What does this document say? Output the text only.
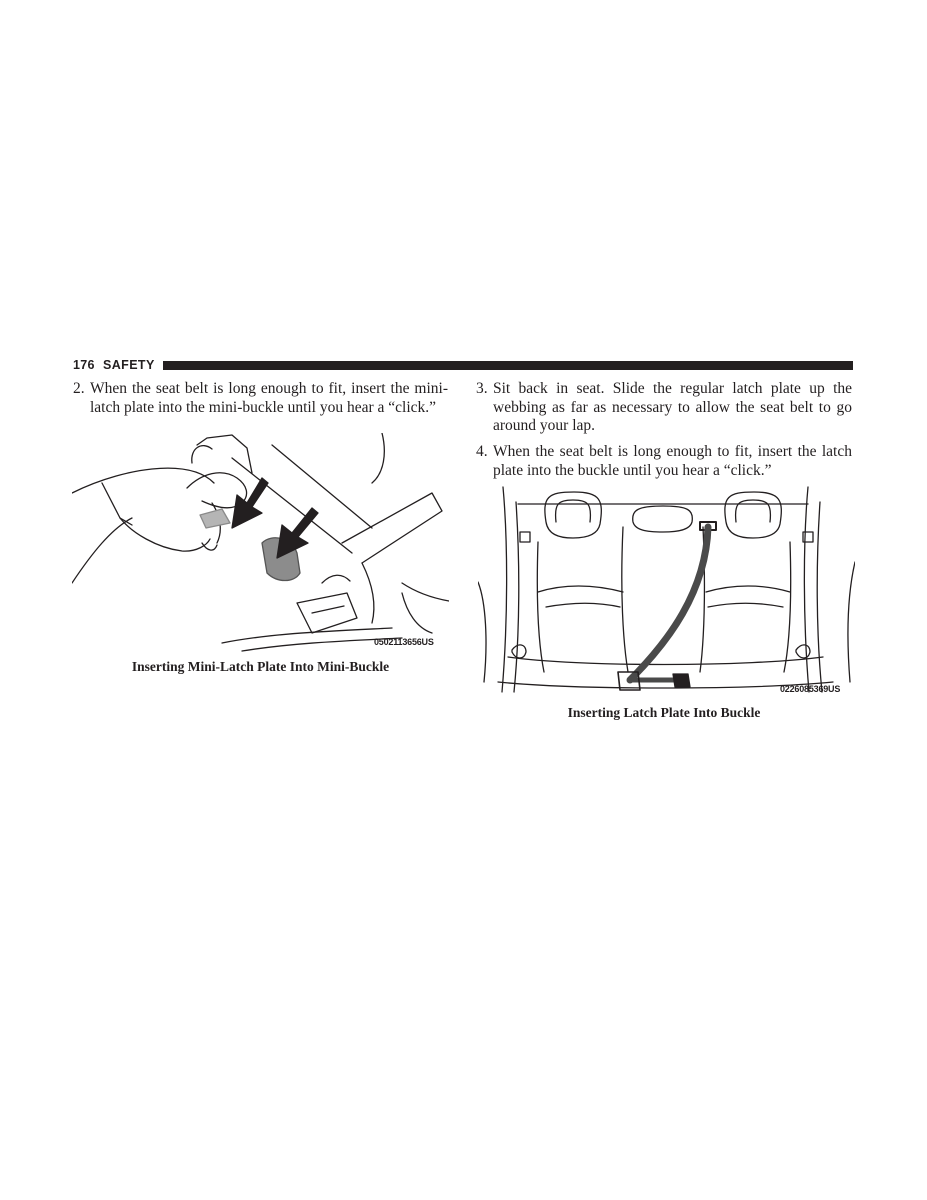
176 SAFETY
2. When the seat belt is long enough to fit, insert the mini-latch plate into the mini-buckle until you hear a “click.”
0502113656US
Inserting Mini-Latch Plate Into Mini-Buckle
3. Sit back in seat. Slide the regular latch plate up the webbing as far as necessary to allow the seat belt to go around your lap.
4. When the seat belt is long enough to fit, insert the latch plate into the buckle until you hear a “click.”
0226085369US
Inserting Latch Plate Into Buckle
